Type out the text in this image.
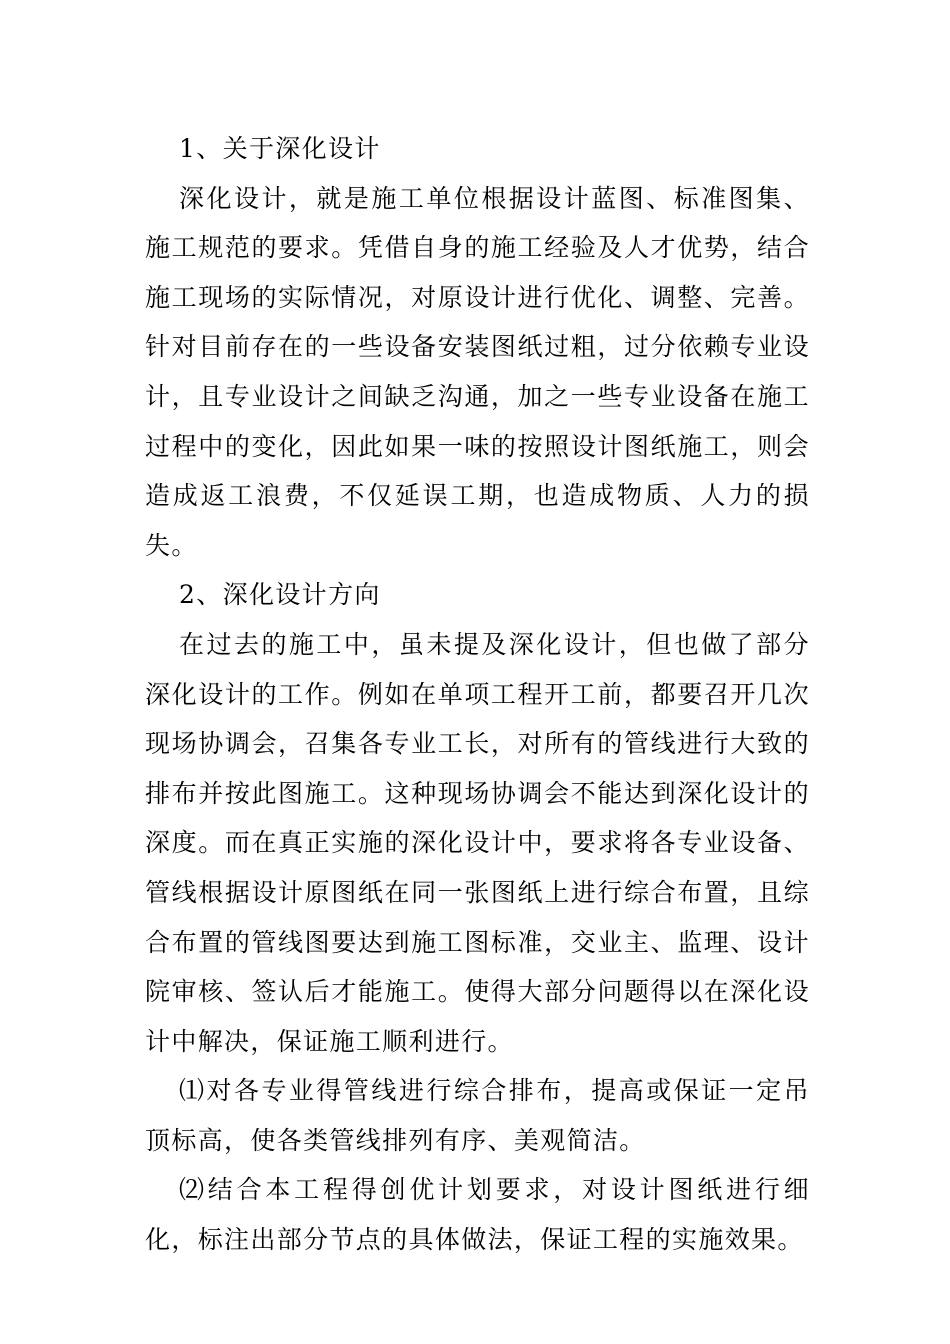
1、关于深化设计

深化设计，就是施工单位根据设计蓝图、标准图集、施工规范的要求。凭借自身的施工经验及人才优势，结合施工现场的实际情况，对原设计进行优化、调整、完善。针对目前存在的一些设备安装图纸过粗，过分依赖专业设计，且专业设计之间缺乏沟通，加之一些专业设备在施工过程中的变化，因此如果一味的按照设计图纸施工，则会造成返工浪费，不仅延误工期，也造成物质、人力的损失。

2、深化设计方向

在过去的施工中，虽未提及深化设计，但也做了部分深化设计的工作。例如在单项工程开工前，都要召开几次现场协调会，召集各专业工长，对所有的管线进行大致的排布并按此图施工。这种现场协调会不能达到深化设计的深度。而在真正实施的深化设计中，要求将各专业设备、管线根据设计原图纸在同一张图纸上进行综合布置，且综合布置的管线图要达到施工图标准，交业主、监理、设计院审核、签认后才能施工。使得大部分问题得以在深化设计中解决，保证施工顺利进行。

⑴对各专业得管线进行综合排布，提高或保证一定吊顶标高，使各类管线排列有序、美观简洁。

⑵结合本工程得创优计划要求，对设计图纸进行细化，标注出部分节点的具体做法，保证工程的实施效果。
